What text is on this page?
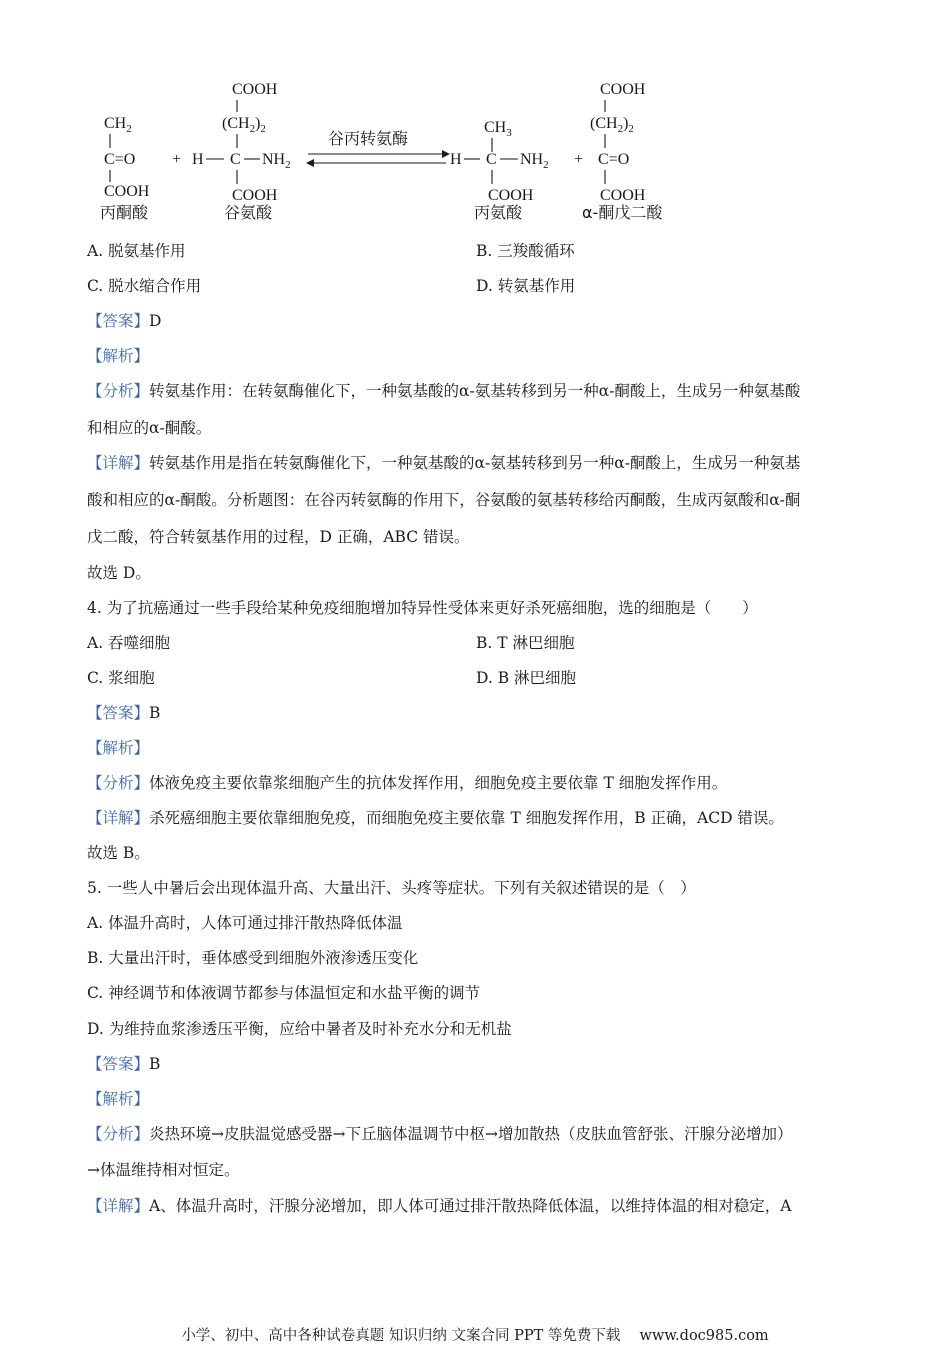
$CH_2$
C=O
COOH
丙酮酸
+
COOH
$(CH_2)_2$
H C $NH_2$
COOH
谷氨酸
谷丙转氨酶
$CH_3$
H C $NH_2$
COOH
丙氨酸
+
COOH
$(CH_2)_2$
C=O
COOH
α-酮戊二酸
A. 脱氨基作用	B. 三羧酸循环
C. 脱水缩合作用	D. 转氨基作用
【答案】D
【解析】
【分析】转氨基作用：在转氨酶催化下，一种氨基酸的α-氨基转移到另一种α-酮酸上，生成另一种氨基酸
和相应的α-酮酸。
【详解】转氨基作用是指在转氨酶催化下，一种氨基酸的α-氨基转移到另一种α-酮酸上，生成另一种氨基
酸和相应的α-酮酸。分析题图：在谷丙转氨酶的作用下，谷氨酸的氨基转移给丙酮酸，生成丙氨酸和α-酮
戊二酸，符合转氨基作用的过程，D 正确，ABC 错误。
故选 D。
4. 为了抗癌通过一些手段给某种免疫细胞增加特异性受体来更好杀死癌细胞，选的细胞是（　　）
A. 吞噬细胞	B. T 淋巴细胞
C. 浆细胞	D. B 淋巴细胞
【答案】B
【解析】
【分析】体液免疫主要依靠浆细胞产生的抗体发挥作用，细胞免疫主要依靠 T 细胞发挥作用。
【详解】杀死癌细胞主要依靠细胞免疫，而细胞免疫主要依靠 T 细胞发挥作用，B 正确，ACD 错误。
故选 B。
5. 一些人中暑后会出现体温升高、大量出汗、头疼等症状。下列有关叙述错误的是（　）
A. 体温升高时，人体可通过排汗散热降低体温
B. 大量出汗时，垂体感受到细胞外液渗透压变化
C. 神经调节和体液调节都参与体温恒定和水盐平衡的调节
D. 为维持血浆渗透压平衡，应给中暑者及时补充水分和无机盐
【答案】B
【解析】
【分析】炎热环境→皮肤温觉感受器→下丘脑体温调节中枢→增加散热（皮肤血管舒张、汗腺分泌增加）
→体温维持相对恒定。
【详解】A、体温升高时，汗腺分泌增加，即人体可通过排汗散热降低体温，以维持体温的相对稳定，A
小学、初中、高中各种试卷真题 知识归纳 文案合同 PPT 等免费下载　 www.doc985.com
